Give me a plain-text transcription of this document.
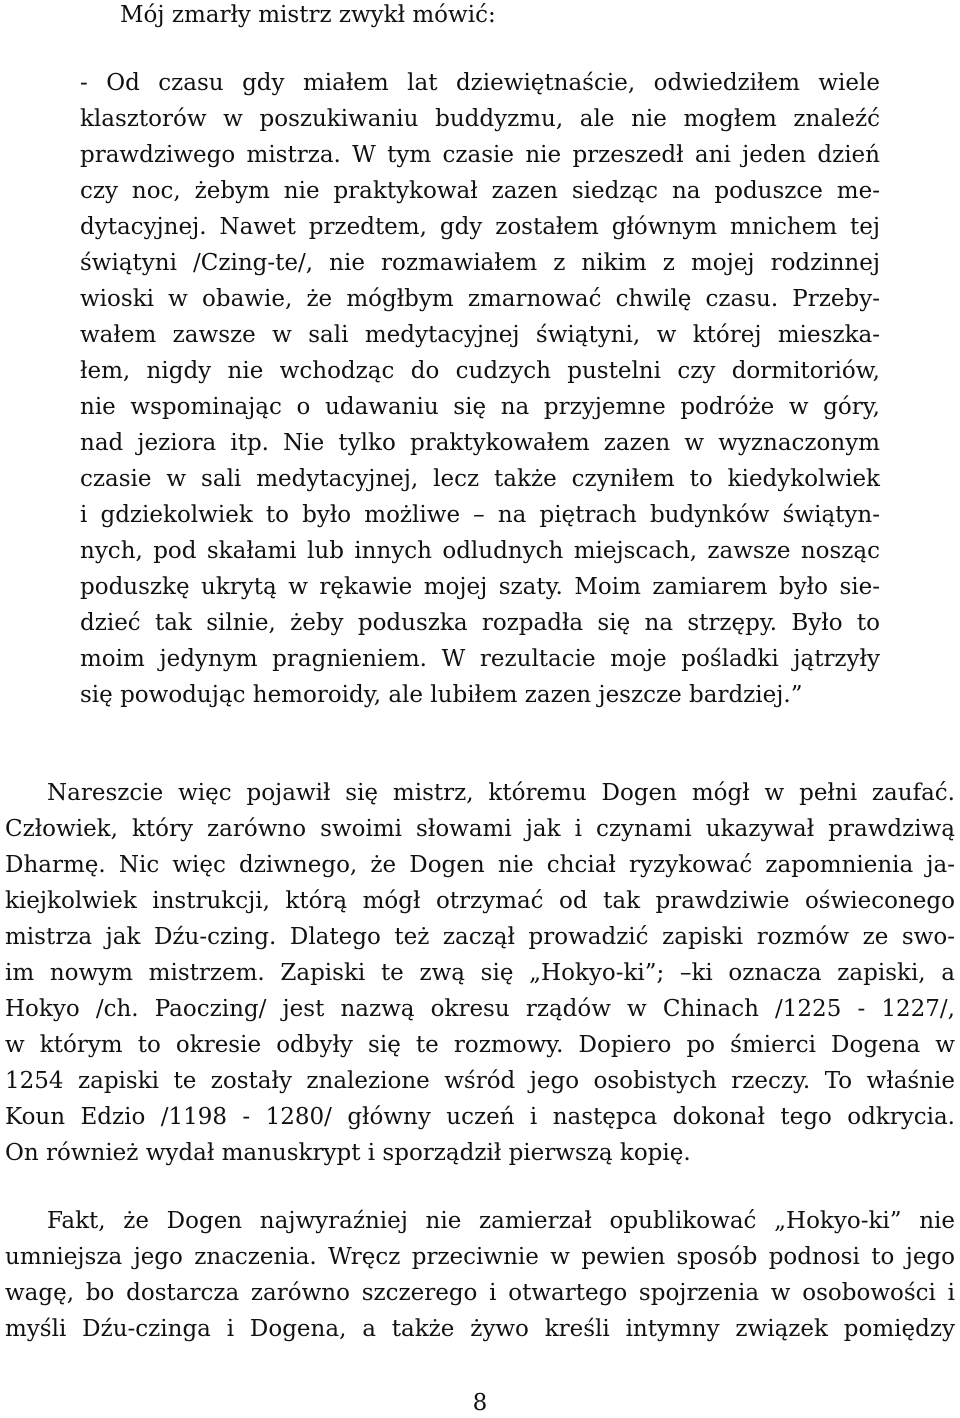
Mój zmarły mistrz zwykł mówić:
- Od czasu gdy miałem lat dziewiętnaście, odwiedziłem wiele
klasztorów w poszukiwaniu buddyzmu, ale nie mogłem znaleźć
prawdziwego mistrza. W tym czasie nie przeszedł ani jeden dzień
czy noc, żebym nie praktykował zazen siedząc na poduszce me-
dytacyjnej. Nawet przedtem, gdy zostałem głównym mnichem tej
świątyni /Czing-te/, nie rozmawiałem z nikim z mojej rodzinnej
wioski w obawie, że mógłbym zmarnować chwilę czasu. Przeby-
wałem zawsze w sali medytacyjnej świątyni, w której mieszka-
łem, nigdy nie wchodząc do cudzych pustelni czy dormitoriów,
nie wspominając o udawaniu się na przyjemne podróże w góry,
nad jeziora itp. Nie tylko praktykowałem zazen w wyznaczonym
czasie w sali medytacyjnej, lecz także czyniłem to kiedykolwiek
i gdziekolwiek to było możliwe – na piętrach budynków świątyn-
nych, pod skałami lub innych odludnych miejscach, zawsze nosząc
poduszkę ukrytą w rękawie mojej szaty. Moim zamiarem było sie-
dzieć tak silnie, żeby poduszka rozpadła się na strzępy. Było to
moim jedynym pragnieniem. W rezultacie moje pośladki jątrzyły
się powodując hemoroidy, ale lubiłem zazen jeszcze bardziej.”
Nareszcie więc pojawił się mistrz, któremu Dogen mógł w pełni zaufać.
Człowiek, który zarówno swoimi słowami jak i czynami ukazywał prawdziwą
Dharmę. Nic więc dziwnego, że Dogen nie chciał ryzykować zapomnienia ja-
kiejkolwiek instrukcji, którą mógł otrzymać od tak prawdziwie oświeconego
mistrza jak Dźu-czing. Dlatego też zaczął prowadzić zapiski rozmów ze swo-
im nowym mistrzem. Zapiski te zwą się „Hokyo-ki”; –ki oznacza zapiski, a
Hokyo /ch. Paoczing/ jest nazwą okresu rządów w Chinach /1225 - 1227/,
w którym to okresie odbyły się te rozmowy. Dopiero po śmierci Dogena w
1254 zapiski te zostały znalezione wśród jego osobistych rzeczy. To właśnie
Koun Edzio /1198 - 1280/ główny uczeń i następca dokonał tego odkrycia.
On również wydał manuskrypt i sporządził pierwszą kopię.
Fakt, że Dogen najwyraźniej nie zamierzał opublikować „Hokyo-ki” nie
umniejsza jego znaczenia. Wręcz przeciwnie w pewien sposób podnosi to jego
wagę, bo dostarcza zarówno szczerego i otwartego spojrzenia w osobowości i
myśli Dźu-czinga i Dogena, a także żywo kreśli intymny związek pomiędzy
8
